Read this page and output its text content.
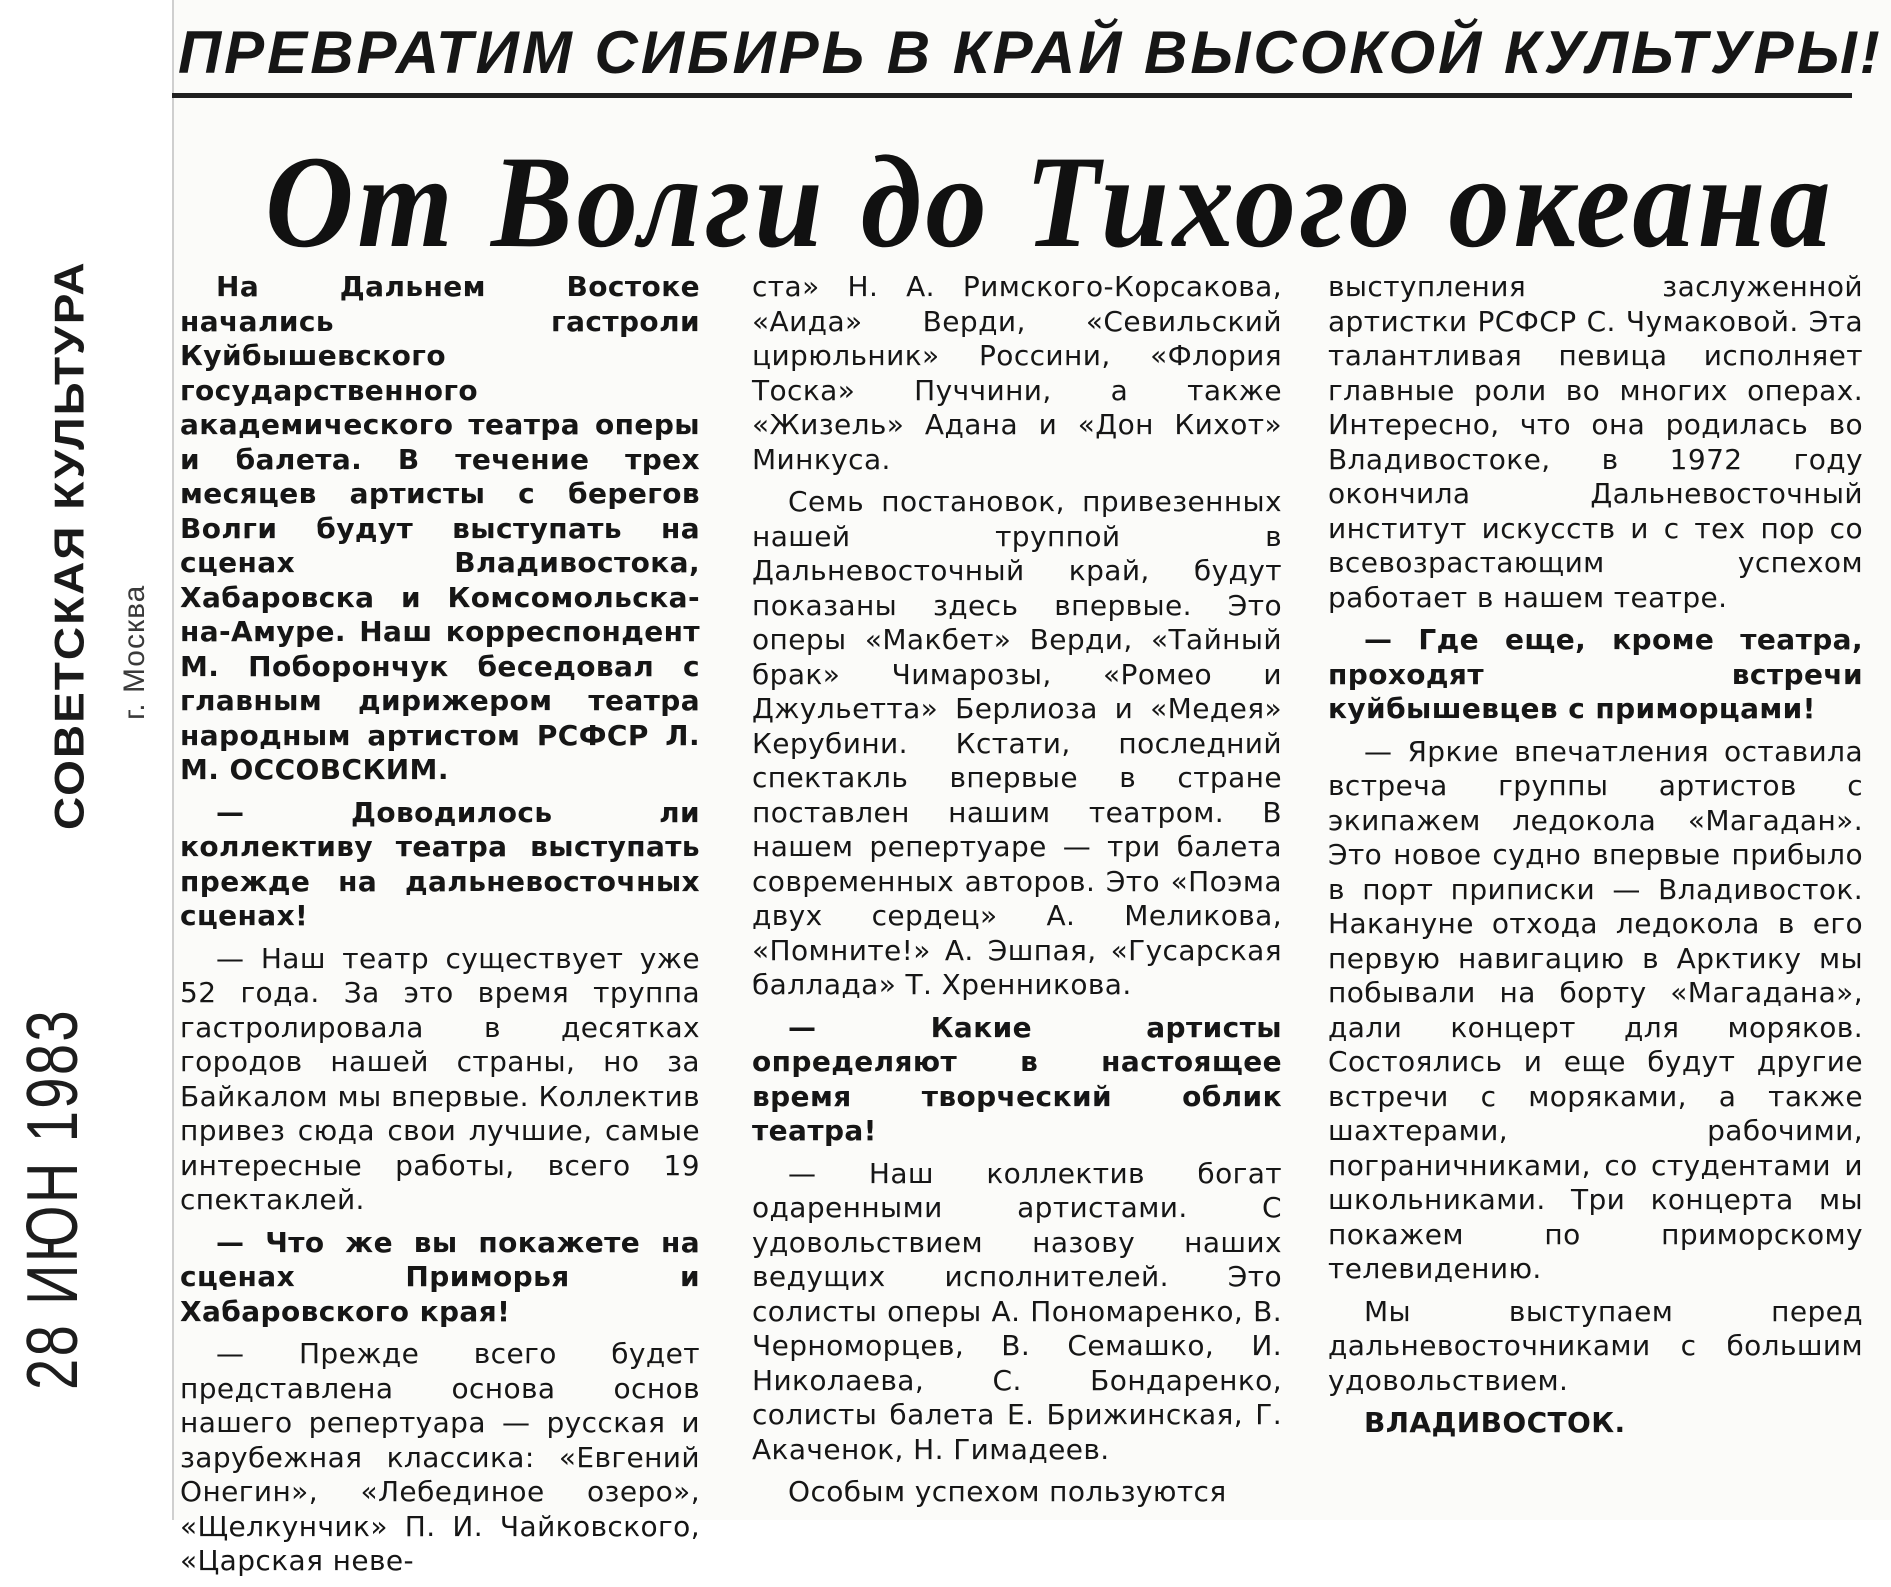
СОВЕТСКАЯ КУЛЬТУРА г. Москва
28 ИЮН 1983
ПРЕВРАТИМ СИБИРЬ В КРАЙ ВЫСОКОЙ КУЛЬТУРЫ!
От Волги до Тихого океана

На Дальнем Востоке начались гастроли Куйбышевского государственного академического театра оперы и балета. В течение трех месяцев артисты с берегов Волги будут выступать на сценах Владивостока, Хабаровска и Комсомольска-на-Амуре. Наш корреспондент М. Поборончук беседовал с главным дирижером театра народным артистом РСФСР Л. М. ОССОВСКИМ.

— Доводилось ли коллективу театра выступать прежде на дальневосточных сценах!

— Наш театр существует уже 52 года. За это время труппа гастролировала в десятках городов нашей страны, но за Байкалом мы впервые. Коллектив привез сюда свои лучшие, самые интересные работы, всего 19 спектаклей.

— Что же вы покажете на сценах Приморья и Хабаровского края!

— Прежде всего будет представлена основа основ нашего репертуара — русская и зарубежная классика: «Евгений Онегин», «Лебединое озеро», «Щелкунчик» П. И. Чайковского, «Царская неве-

ста» Н. А. Римского-Корсакова, «Аида» Верди, «Севильский цирюльник» Россини, «Флория Тоска» Пуччини, а также «Жизель» Адана и «Дон Кихот» Минкуса.

Семь постановок, привезенных нашей труппой в Дальневосточный край, будут показаны здесь впервые. Это оперы «Макбет» Верди, «Тайный брак» Чимарозы, «Ромео и Джульетта» Берлиоза и «Медея» Керубини. Кстати, последний спектакль впервые в стране поставлен нашим театром. В нашем репертуаре — три балета современных авторов. Это «Поэма двух сердец» А. Меликова, «Помните!» А. Эшпая, «Гусарская баллада» Т. Хренникова.

— Какие артисты определяют в настоящее время творческий облик театра!

— Наш коллектив богат одаренными артистами. С удовольствием назову наших ведущих исполнителей. Это солисты оперы А. Пономаренко, В. Черноморцев, В. Семашко, И. Николаева, С. Бондаренко, солисты балета Е. Брижинская, Г. Акаченок, Н. Гимадеев.

Особым успехом пользуются

выступления заслуженной артистки РСФСР С. Чумаковой. Эта талантливая певица исполняет главные роли во многих операх. Интересно, что она родилась во Владивостоке, в 1972 году окончила Дальневосточный институт искусств и с тех пор со всевозрастающим успехом работает в нашем театре.

— Где еще, кроме театра, проходят встречи куйбышевцев с приморцами!

— Яркие впечатления оставила встреча группы артистов с экипажем ледокола «Магадан». Это новое судно впервые прибыло в порт приписки — Владивосток. Накануне отхода ледокола в его первую навигацию в Арктику мы побывали на борту «Магадана», дали концерт для моряков. Состоялись и еще будут другие встречи с моряками, а также шахтерами, рабочими, пограничниками, со студентами и школьниками. Три концерта мы покажем по приморскому телевидению.

Мы выступаем перед дальневосточниками с большим удовольствием.

ВЛАДИВОСТОК.
